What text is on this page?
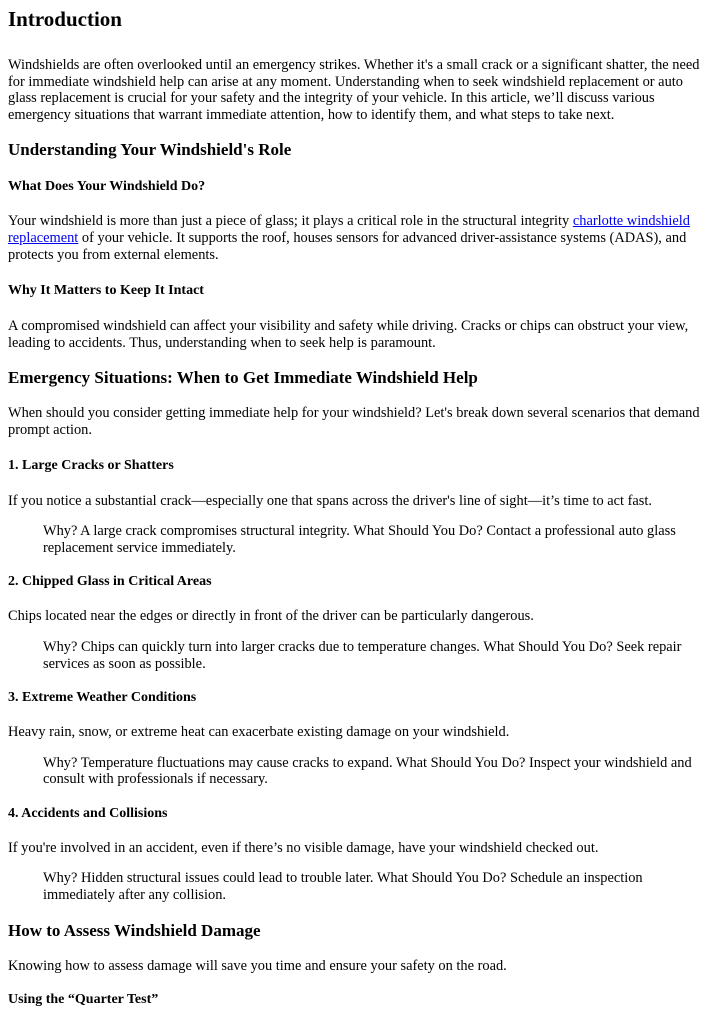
Introduction

Windshields are often overlooked until an emergency strikes. Whether it's a small crack or a significant shatter, the need for immediate windshield help can arise at any moment. Understanding when to seek windshield replacement or auto glass replacement is crucial for your safety and the integrity of your vehicle. In this article, we’ll discuss various emergency situations that warrant immediate attention, how to identify them, and what steps to take next.

Understanding Your Windshield's Role
What Does Your Windshield Do?

Your windshield is more than just a piece of glass; it plays a critical role in the structural integrity charlotte windshield replacement of your vehicle. It supports the roof, houses sensors for advanced driver-assistance systems (ADAS), and protects you from external elements.

Why It Matters to Keep It Intact

A compromised windshield can affect your visibility and safety while driving. Cracks or chips can obstruct your view, leading to accidents. Thus, understanding when to seek help is paramount.

Emergency Situations: When to Get Immediate Windshield Help

When should you consider getting immediate help for your windshield? Let's break down several scenarios that demand prompt action.

1. Large Cracks or Shatters

If you notice a substantial crack—especially one that spans across the driver's line of sight—it’s time to act fast.

Why? A large crack compromises structural integrity. What Should You Do? Contact a professional auto glass replacement service immediately.
2. Chipped Glass in Critical Areas

Chips located near the edges or directly in front of the driver can be particularly dangerous.

Why? Chips can quickly turn into larger cracks due to temperature changes. What Should You Do? Seek repair services as soon as possible.
3. Extreme Weather Conditions

Heavy rain, snow, or extreme heat can exacerbate existing damage on your windshield.

Why? Temperature fluctuations may cause cracks to expand. What Should You Do? Inspect your windshield and consult with professionals if necessary.
4. Accidents and Collisions

If you're involved in an accident, even if there’s no visible damage, have your windshield checked out.

Why? Hidden structural issues could lead to trouble later. What Should You Do? Schedule an inspection immediately after any collision.
How to Assess Windshield Damage

Knowing how to assess damage will save you time and ensure your safety on the road.

Using the “Quarter Test”
